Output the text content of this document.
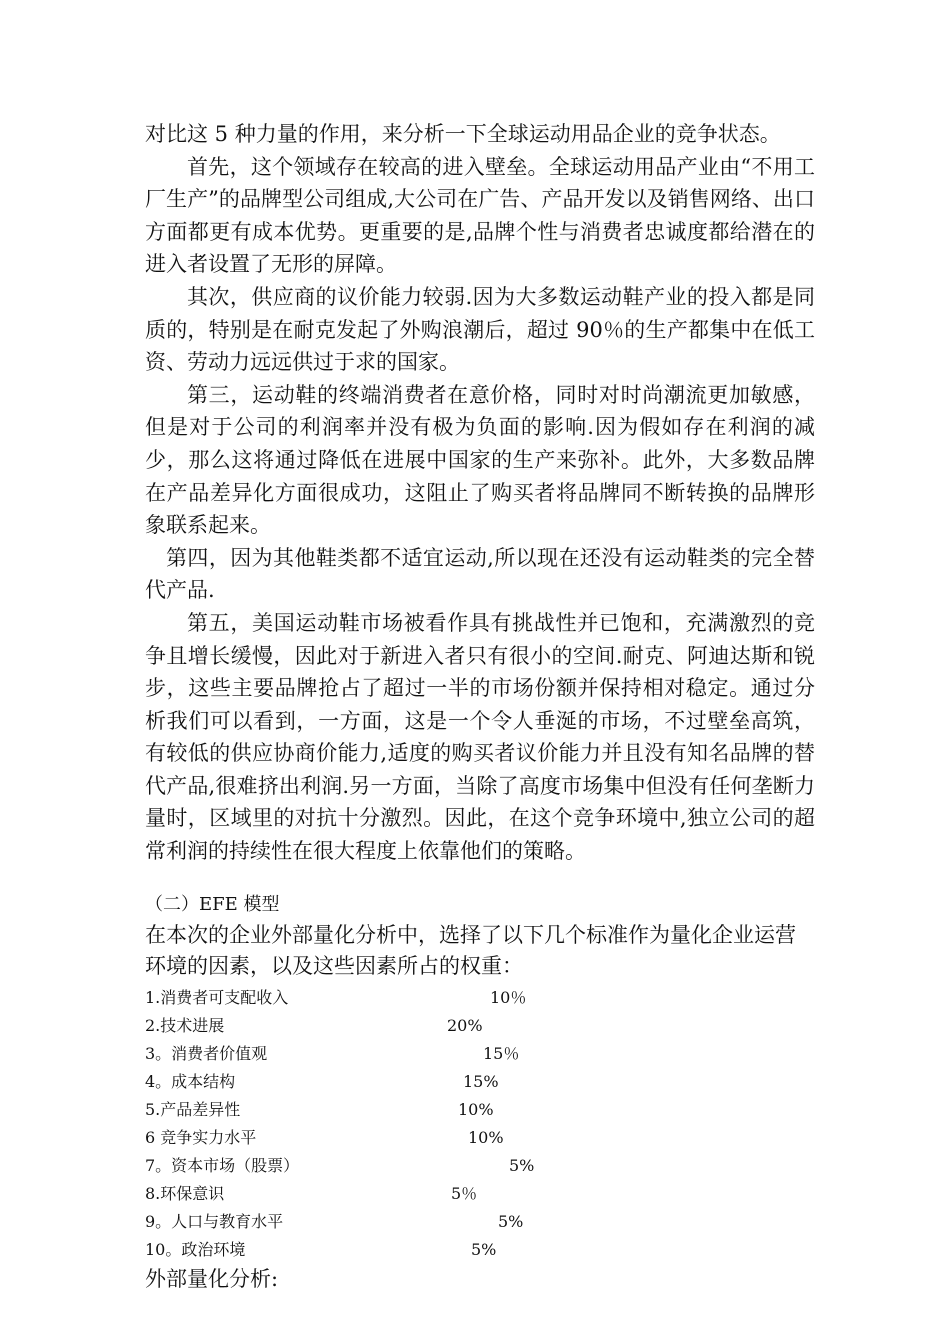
对比这 5 种力量的作用，来分析一下全球运动用品企业的竞争状态。

首先，这个领域存在较高的进入壁垒。全球运动用品产业由“不用工厂生产”的品牌型公司组成,大公司在广告、产品开发以及销售网络、出口方面都更有成本优势。更重要的是,品牌个性与消费者忠诚度都给潜在的进入者设置了无形的屏障。

其次，供应商的议价能力较弱.因为大多数运动鞋产业的投入都是同质的，特别是在耐克发起了外购浪潮后，超过 90％的生产都集中在低工资、劳动力远远供过于求的国家。

第三，运动鞋的终端消费者在意价格，同时对时尚潮流更加敏感，但是对于公司的利润率并没有极为负面的影响.因为假如存在利润的减少，那么这将通过降低在进展中国家的生产来弥补。此外，大多数品牌在产品差异化方面很成功，这阻止了购买者将品牌同不断转换的品牌形象联系起来。

第四，因为其他鞋类都不适宜运动,所以现在还没有运动鞋类的完全替代产品.

第五，美国运动鞋市场被看作具有挑战性并已饱和，充满激烈的竞争且增长缓慢，因此对于新进入者只有很小的空间.耐克、阿迪达斯和锐步，这些主要品牌抢占了超过一半的市场份额并保持相对稳定。通过分析我们可以看到，一方面，这是一个令人垂涎的市场，不过壁垒高筑，有较低的供应协商价能力,适度的购买者议价能力并且没有知名品牌的替代产品,很难挤出利润.另一方面，当除了高度市场集中但没有任何垄断力量时，区域里的对抗十分激烈。因此，在这个竞争环境中,独立公司的超常利润的持续性在很大程度上依靠他们的策略。

（二）EFE 模型

在本次的企业外部量化分析中，选择了以下几个标准作为量化企业运营环境的因素，以及这些因素所占的权重：

1.消费者可支配收入	10％
2.技术进展	20%
3。消费者价值观	15％
4。成本结构	15%
5.产品差异性	10%
6 竞争实力水平	10%
7。资本市场（股票）	5%
8.环保意识	5％
9。人口与教育水平	5%
10。政治环境	5%

外部量化分析:
